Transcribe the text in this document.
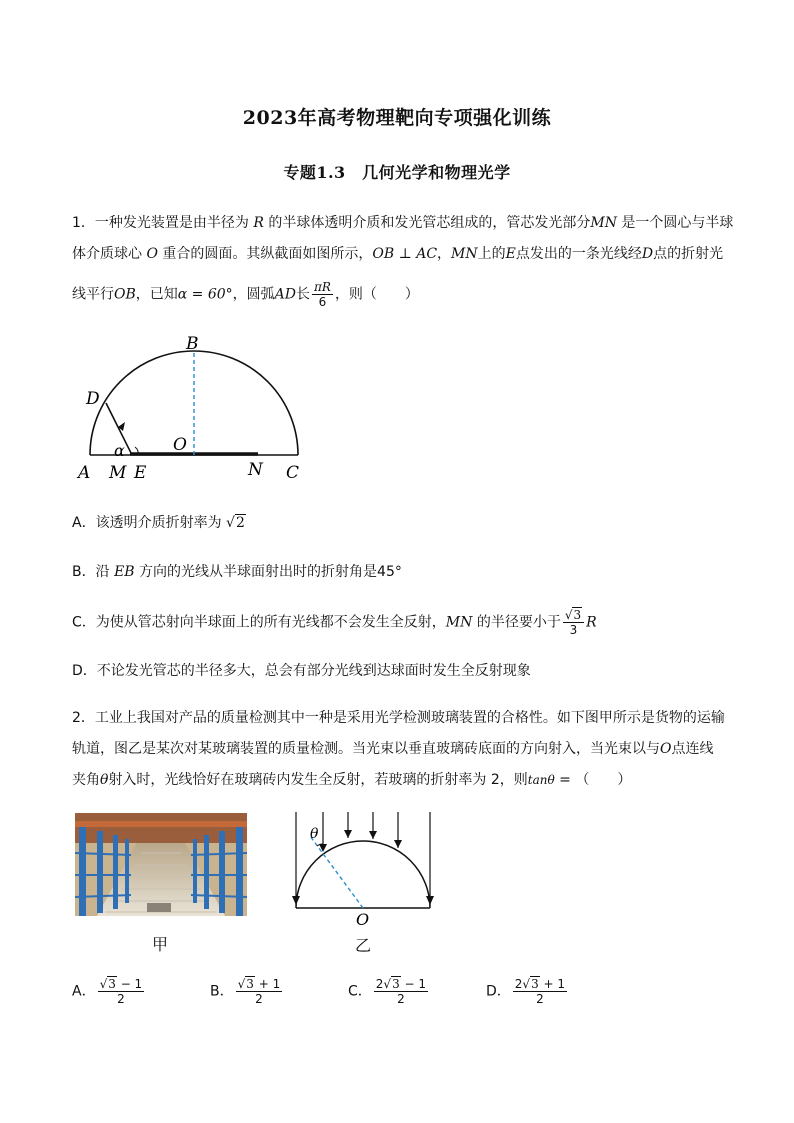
2023年高考物理靶向专项强化训练
专题1.3　几何光学和物理光学
1．一种发光装置是由半径为 R 的半球体透明介质和发光管芯组成的，管芯发光部分MN 是一个圆心与半球
体介质球心 O 重合的圆面。其纵截面如图所示，OB ⊥ AC，MN上的E点发出的一条光线经D点的折射光
线平行OB，已知α = 60°，圆弧AD长 $\frac{\pi R}{6}$ ，则（　　）
B
D
O
α
A M E	N C
A．该透明介质折射率为 √2
B．沿 EB 方向的光线从半球面射出时的折射角是45°
C．为使从管芯射向半球面上的所有光线都不会发生全反射，MN 的半径要小于 $\frac{√3}{3}$ R
D．不论发光管芯的半径多大，总会有部分光线到达球面时发生全反射现象
2．工业上我国对产品的质量检测其中一种是采用光学检测玻璃装置的合格性。如下图甲所示是货物的运输
轨道，图乙是某次对某玻璃装置的质量检测。当光束以垂直玻璃砖底面的方向射入，当光束以与O点连线
夹角θ射入时，光线恰好在玻璃砖内发生全反射，若玻璃的折射率为 2，则tanθ = （　　）
甲
θ
O
乙
A． $\frac{√3 - 1}{2}$	B． $\frac{√3 + 1}{2}$	C． $\frac{2√3 - 1}{2}$	D． $\frac{2√3 + 1}{2}$
